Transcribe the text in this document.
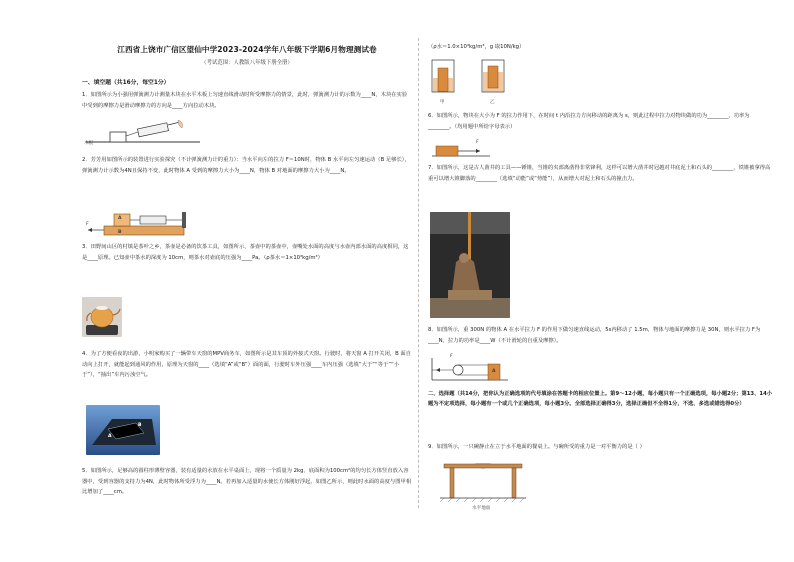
江西省上饶市广信区望仙中学2023-2024学年八年级下学期6月物理测试卷
（考试范围：人教版八年级下册全册）
一、填空题（共16分，每空1分）
1．如图所示为小强用弹簧测力计测量木块在水平木板上匀速直线滑动时所受摩擦力的情景，此时，弹簧测力计的示数为____N，木块在实验中受到的摩擦力是滑动摩擦力的方向是____方向拉动木块。
木板
2．芳芳用如图所示的装置进行实验探究（不计弹簧测力计的重力）：当水平向左的拉力 F＝10N时，物体 B 水平向左匀速运动（B 足够长），弹簧测力计示数为4N且保持不变，此时物体 A 受到的摩擦力大小为____N，物体 B 对地面的摩擦力大小为____N。
A
B
F
3．田野间山区的村镇是茶叶之乡，茶壶是必备的饮茶工具，如图所示，茶壶中的茶壶中，壶嘴处水面的高度与水壶内部水面的高度相同，这是____原理。已知壶中茶水的深度为 10cm，则茶水对壶底的压强为____Pa。（ρ茶水＝1×10³kg/m³）
4．为了方便看夜的出游，小明家购买了一辆带车天窗的MPV商务车，如图所示是其车顶的外接式天窗。行驶时，将天窗 A 打开关闭，B 面自动向上打开，就能起到通风的作用，原理为天窗的____（选填“A”或“B”）面的面，行驶时车外压强____车内压强（选填“大于”“等于”“小于”），“抽出”车内污浊空气。
A
B
5．如图所示，足够高的圆柱形薄壁容器，装有适量的水放在水平桌面上，现将一个质量为 2kg、底面积为100cm²的均匀长方体竖直放入容器中，受到容器的支持力为4N，此时物体所受浮力为____N。若再加入适量的水使长方体刚好浮起，如图乙所示，则此时水面的高度与图甲相比增加了____cm。
（ρ水＝1.0×10³kg/m³，g 取10N/kg）
甲	乙
6．如图所示，物块在大小为 F 的拉力作用下，在时间 t 内沿拉力方向移动的距离为 s，则此过程中拉力对物块做的功为________，功率为________。（均用题中所给字母表示）
F
7．如图所示，这是古人凿井的工具——锤锥，当锥的夹部离凿得非常锋利，这样可以增大凿井时冠越对井底泥土和石头的________，铁锥被拿得高重可以增大锥脚落的________（选填“动能”或“势能”），从而增大对泥土和石头的撞击力。
8．如图所示，重 300N 的物体 A 在水平拉力 F 的作用下做匀速直线运动，5s内移动了 1.5m，物体与地面的摩擦力是 30N，则水平拉力 F为____N，拉力的功率是____W（不计滑轮的自重及摩擦）。
F
A
二、选择题（共14分，把你认为正确选项的代号填涂在答题卡的相应位置上。第9～12小题，每小题只有一个正确选项，每小题2分；第13、14小题为不定项选择，每小题有一个或几个正确选项，每小题3分。全部选择正确得3分，选择正确但不全得1分，不选、多选或错选得0分）
9．如图所示，一只碗静止在立于水平地面的餐桌上。与碗所受的重力是一对平衡力的是（ ）
水平地面
